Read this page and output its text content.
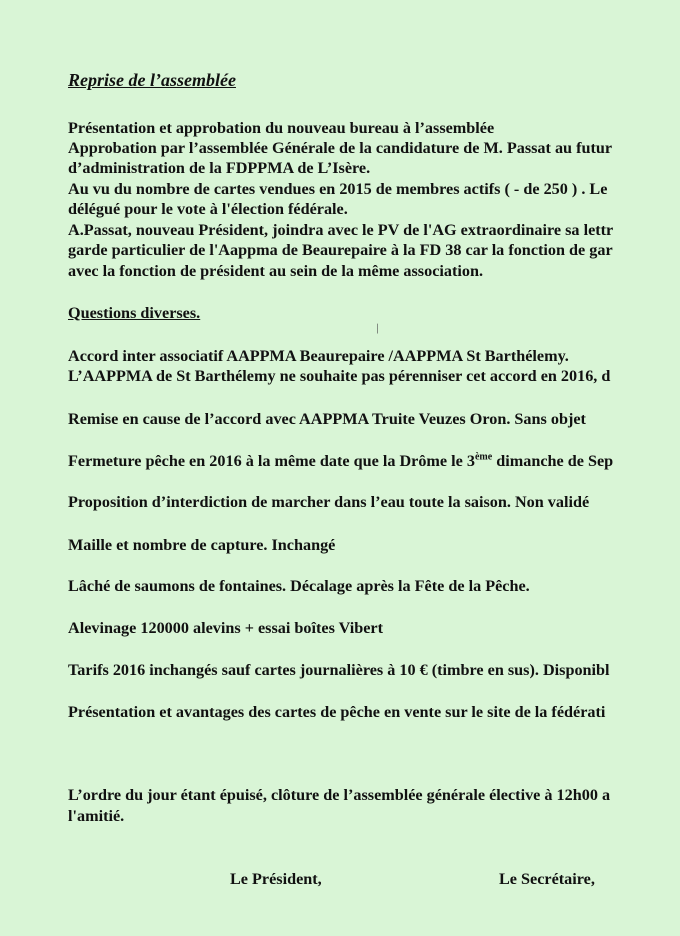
Reprise de l’assemblée
Présentation et approbation du nouveau bureau à l’assemblée
Approbation par l’assemblée Générale de la candidature de M. Passat au futur
d’administration de la FDPPMA de L’Isère.
Au vu du nombre de cartes vendues en 2015 de membres actifs ( - de 250 ) . Le
délégué pour le vote à l'élection fédérale.
A.Passat, nouveau Président, joindra avec le PV de l'AG extraordinaire sa lettr
garde particulier de l'Aappma de Beaurepaire à la FD 38 car la fonction de gar
avec la fonction de président au sein de la même association.
Questions diverses.
/
Accord inter associatif AAPPMA Beaurepaire /AAPPMA St Barthélemy.
L’AAPPMA de St Barthélemy ne souhaite pas pérenniser cet accord en 2016, d
Remise en cause de l’accord avec AAPPMA Truite Veuzes Oron. Sans objet
Fermeture pêche en 2016 à la même date que la Drôme le 3ème dimanche de Sep
Proposition d’interdiction de marcher dans l’eau toute la saison. Non validé
Maille et nombre de capture. Inchangé
Lâché de saumons de fontaines. Décalage après la Fête de la Pêche.
Alevinage 120000 alevins + essai boîtes Vibert
Tarifs 2016 inchangés sauf cartes journalières à 10 € (timbre en sus). Disponibl
Présentation et avantages des cartes de pêche en vente sur le site de la fédérati
L’ordre du jour étant épuisé, clôture de l’assemblée générale élective à 12h00 a
l'amitié.
Le Président,	Le Secrétaire,
